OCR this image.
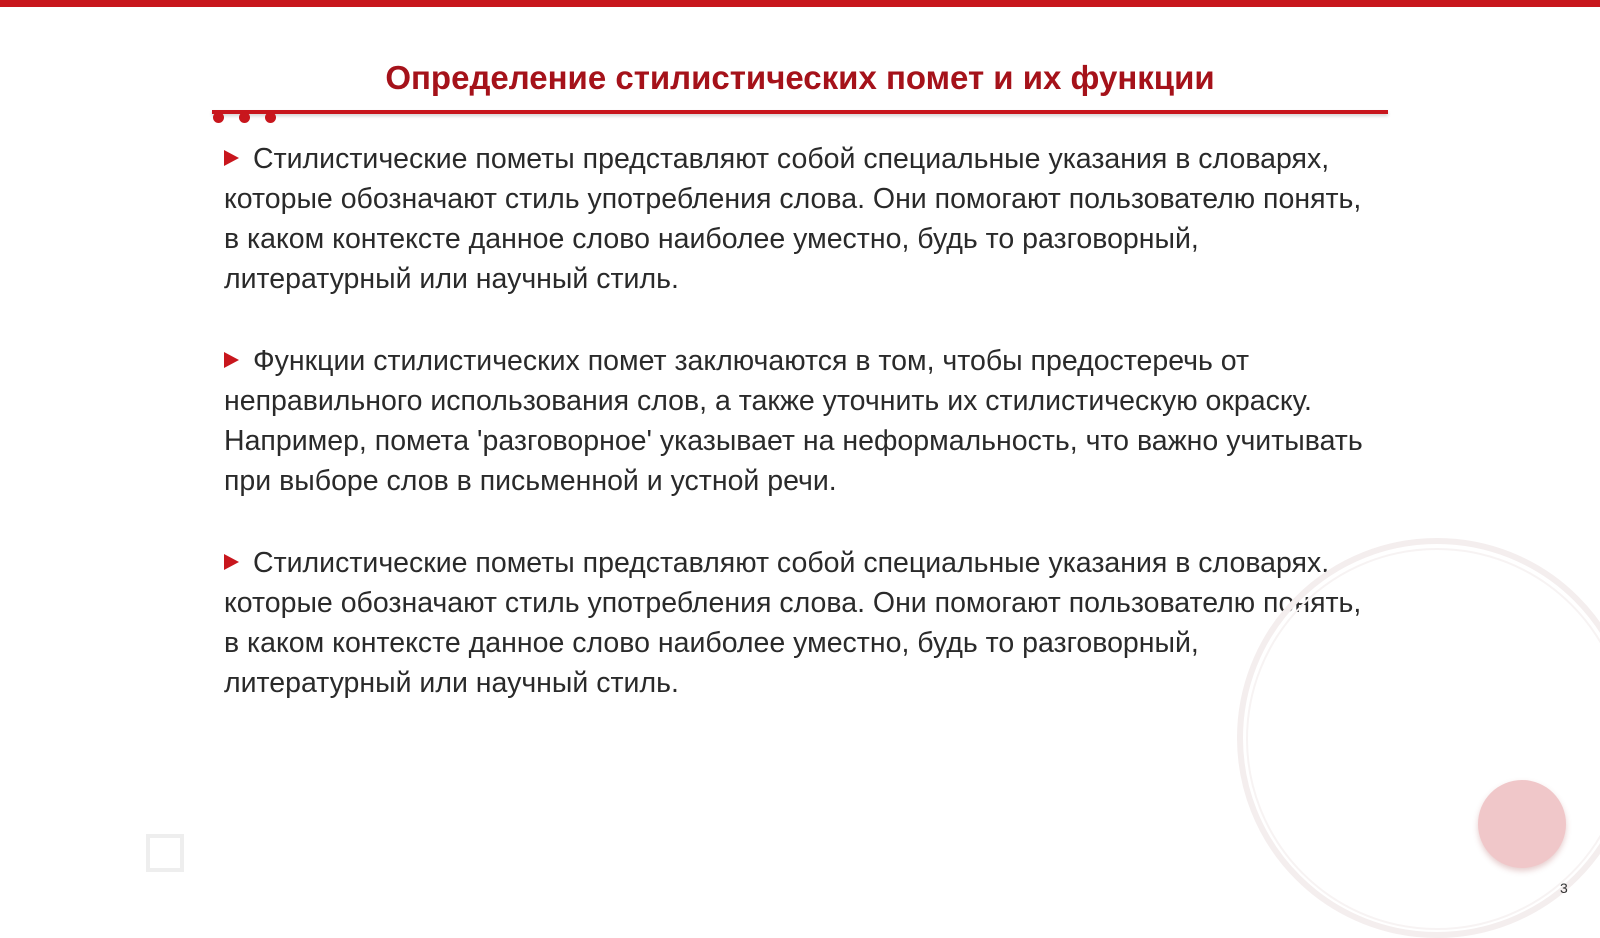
Определение стилистических помет и их функции

Стилистические пометы представляют собой специальные указания в словарях, которые обозначают стиль употребления слова. Они помогают пользователю понять, в каком контексте данное слово наиболее уместно, будь то разговорный, литературный или научный стиль.

Функции стилистических помет заключаются в том, чтобы предостеречь от неправильного использования слов, а также уточнить их стилистическую окраску. Например, помета 'разговорное' указывает на неформальность, что важно учитывать при выборе слов в письменной и устной речи.

Стилистические пометы представляют собой специальные указания в словарях, которые обозначают стиль употребления слова. Они помогают пользователю понять, в каком контексте данное слово наиболее уместно, будь то разговорный, литературный или научный стиль.

3
